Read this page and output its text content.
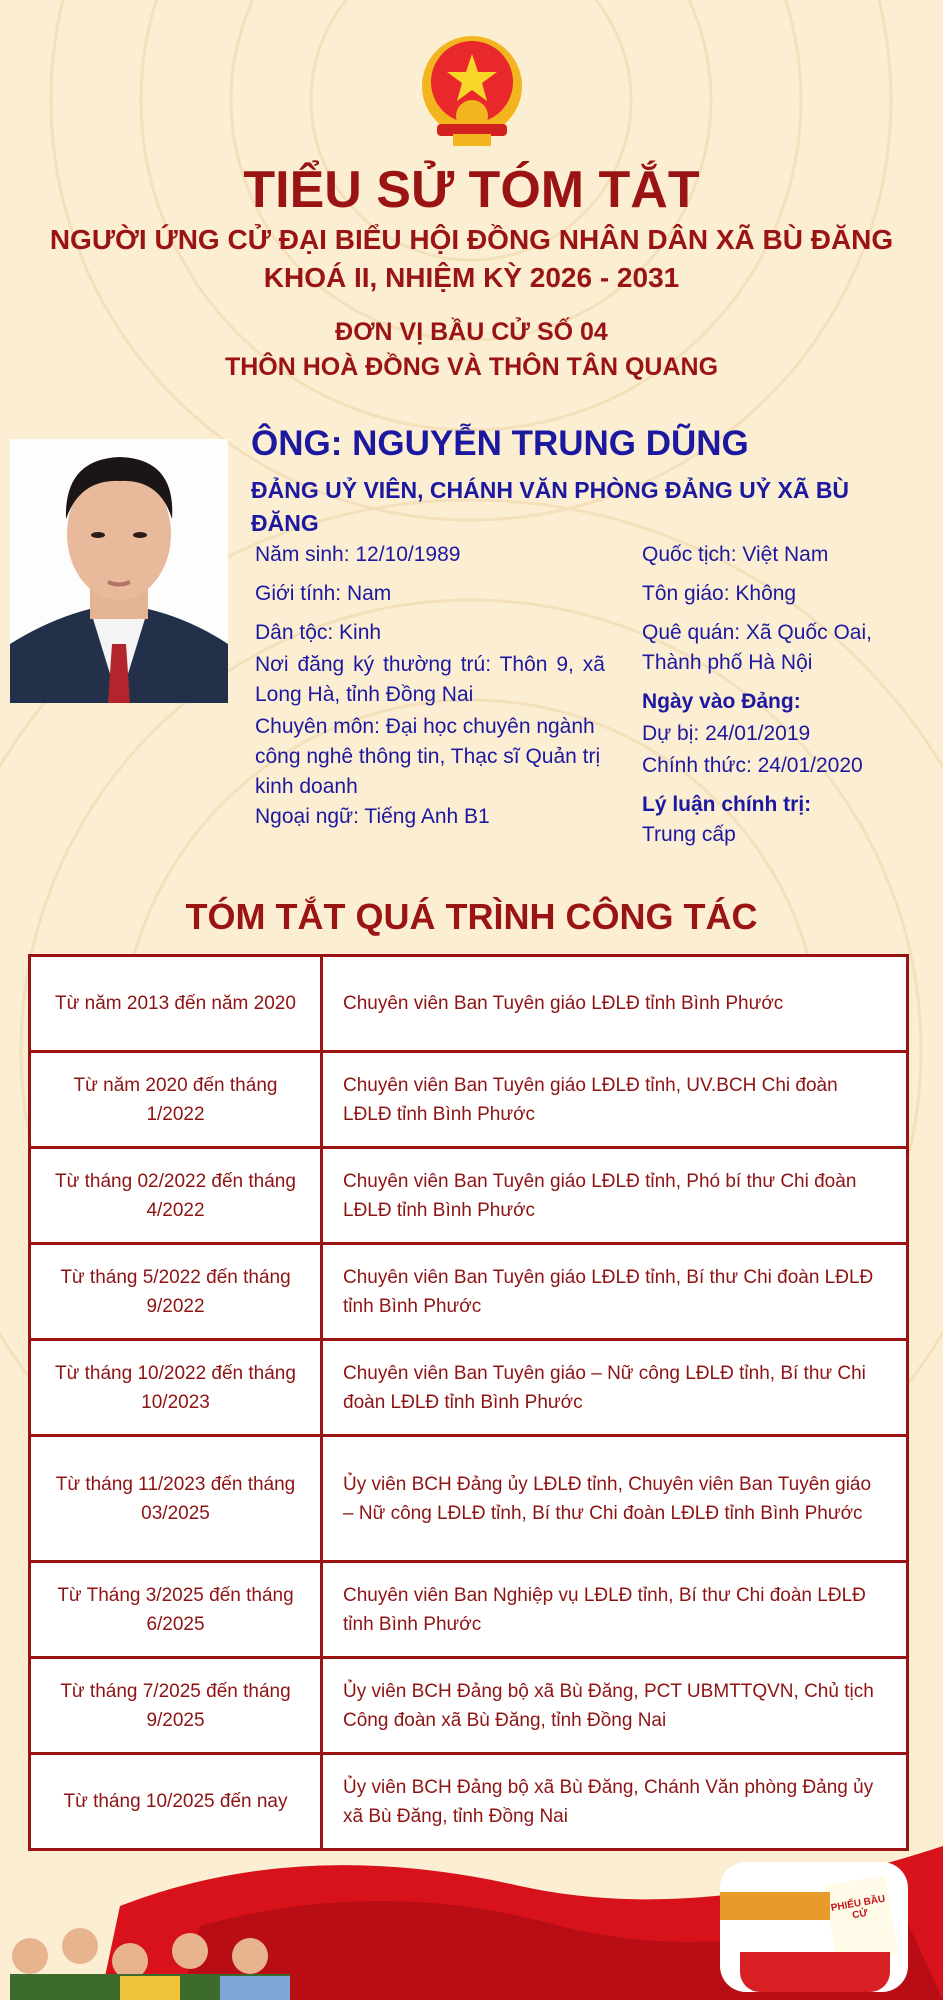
TIỂU SỬ TÓM TẮT
NGƯỜI ỨNG CỬ ĐẠI BIỂU HỘI ĐỒNG NHÂN DÂN XÃ BÙ ĐĂNG
KHOÁ II, NHIỆM KỲ 2026 - 2031
ĐƠN VỊ BẦU CỬ SỐ 04
THÔN HOÀ ĐỒNG VÀ THÔN TÂN QUANG
ÔNG: NGUYỄN TRUNG DŨNG
ĐẢNG UỶ VIÊN, CHÁNH VĂN PHÒNG ĐẢNG UỶ XÃ BÙ ĐĂNG
Năm sinh: 12/10/1989
Giới tính: Nam
Dân tộc: Kinh
Nơi đăng ký thường trú: Thôn 9, xã Long Hà, tỉnh Đồng Nai
Chuyên môn: Đại học chuyên ngành công nghê thông tin, Thạc sĩ Quản trị kinh doanh
Ngoại ngữ: Tiếng Anh B1
Quốc tịch: Việt Nam
Tôn giáo: Không
Quê quán: Xã Quốc Oai, Thành phố Hà Nội
Ngày vào Đảng:
Dự bị: 24/01/2019
Chính thức: 24/01/2020
Lý luận chính trị:
Trung cấp
TÓM TẮT QUÁ TRÌNH CÔNG TÁC
Từ năm 2013 đến năm 2020	Chuyên viên Ban Tuyên giáo LĐLĐ tỉnh Bình Phước
Từ năm 2020 đến tháng 1/2022	Chuyên viên Ban Tuyên giáo LĐLĐ tỉnh, UV.BCH Chi đoàn LĐLĐ tỉnh Bình Phước
Từ tháng 02/2022 đến tháng 4/2022	Chuyên viên Ban Tuyên giáo LĐLĐ tỉnh, Phó bí thư Chi đoàn LĐLĐ tỉnh Bình Phước
Từ tháng 5/2022 đến tháng 9/2022	Chuyên viên Ban Tuyên giáo LĐLĐ tỉnh, Bí thư Chi đoàn LĐLĐ tỉnh Bình Phước
Từ tháng 10/2022 đến tháng 10/2023	Chuyên viên Ban Tuyên giáo – Nữ công LĐLĐ tỉnh, Bí thư Chi đoàn LĐLĐ tỉnh Bình Phước
Từ tháng 11/2023 đến tháng 03/2025	Ủy viên BCH Đảng ủy LĐLĐ tỉnh, Chuyên viên Ban Tuyên giáo – Nữ công LĐLĐ tỉnh, Bí thư Chi đoàn LĐLĐ tỉnh Bình Phước
Từ Tháng 3/2025 đến tháng 6/2025	Chuyên viên Ban Nghiệp vụ LĐLĐ tỉnh, Bí thư Chi đoàn LĐLĐ tỉnh Bình Phước
Từ tháng 7/2025 đến tháng 9/2025	Ủy viên BCH Đảng bộ xã Bù Đăng, PCT UBMTTQVN, Chủ tịch Công đoàn xã Bù Đăng, tỉnh Đồng Nai
Từ tháng 10/2025 đến nay	Ủy viên BCH Đảng bộ xã Bù Đăng, Chánh Văn phòng Đảng ủy xã Bù Đăng, tỉnh Đồng Nai
PHIẾU BẦU CỬ
